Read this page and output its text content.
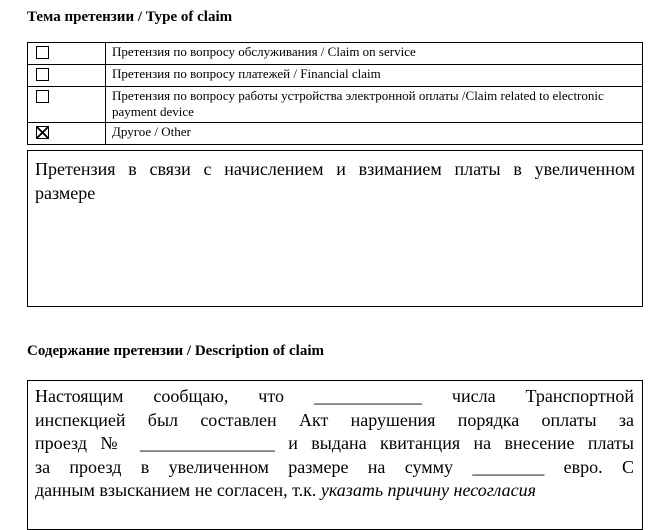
Тема претензии / Type of claim
	Претензия по вопросу обслуживания / Claim on service
	Претензия по вопросу платежей / Financial claim
	Претензия по вопросу работы устройства электронной оплаты /Claim related to electronic payment device
	Другое / Other
Претензия в связи с начислением и взиманием платы в увеличенном
размере
Содержание претензии / Description of claim
Настоящим сообщаю, что ____________ числа Транспортной
инспекцией был составлен Акт нарушения порядка оплаты за
проезд № _______________ и выдана квитанция на внесение платы
за проезд в увеличенном размере на сумму ________ евро. С
данным взысканием не согласен, т.к. указать причину несогласия
